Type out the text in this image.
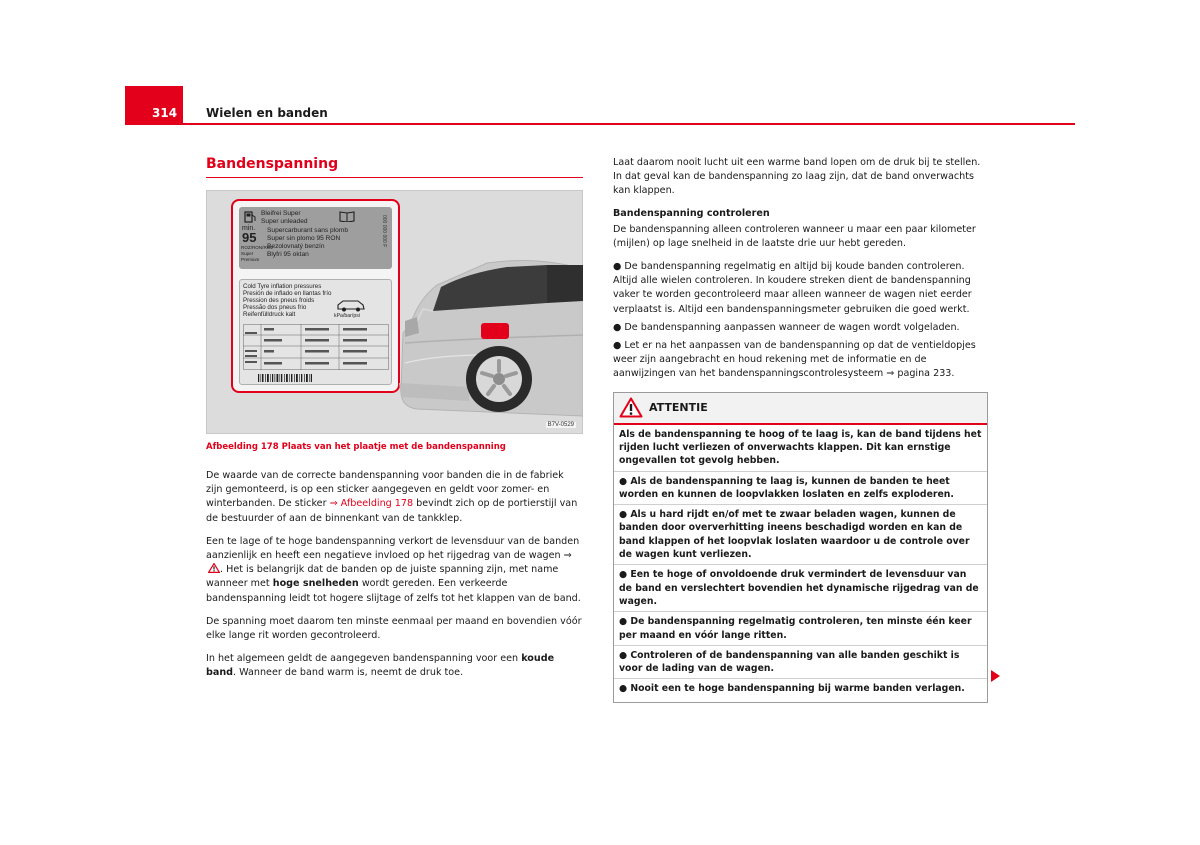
314 Wielen en banden
Bandenspanning
Bleifrei Super
Super unleaded
min.
95
ROZ/RON/RO2
Super
Premium
Supercarburant sans plomb
Super sin plomo 95 RON
Bezolovnatý benzín
Blyfri 95 oktan
000 000 000 F
Cold Tyre inflation pressures
Presión de inflado en llantas frío
Pression des pneus froids
Pressão dos pneus frio
Reifenfülldruck kalt	kPa/bar/psi
B7V-0529
Afbeelding 178 Plaats van het plaatje met de bandenspanning

De waarde van de correcte bandenspanning voor banden die in de fabriek zijn gemonteerd, is op een sticker aangegeven en geldt voor zomer- en winterbanden. De sticker ⇒ Afbeelding 178 bevindt zich op de portierstijl van de bestuurder of aan de binnenkant van de tankklep.

Een te lage of te hoge bandenspanning verkort de levensduur van de banden aanzienlijk en heeft een negatieve invloed op het rijgedrag van de wagen ⇒. Het is belangrijk dat de banden op de juiste spanning zijn, met name wanneer met hoge snelheden wordt gereden. Een verkeerde bandenspanning leidt tot hogere slijtage of zelfs tot het klappen van de band.

De spanning moet daarom ten minste eenmaal per maand en bovendien vóór elke lange rit worden gecontroleerd.

In het algemeen geldt de aangegeven bandenspanning voor een koude band. Wanneer de band warm is, neemt de druk toe.

Laat daarom nooit lucht uit een warme band lopen om de druk bij te stellen. In dat geval kan de bandenspanning zo laag zijn, dat de band onverwachts kan klappen.

Bandenspanning controleren

De bandenspanning alleen controleren wanneer u maar een paar kilometer (mijlen) op lage snelheid in de laatste drie uur hebt gereden.

● De bandenspanning regelmatig en altijd bij koude banden controleren. Altijd alle wielen controleren. In koudere streken dient de bandenspanning vaker te worden gecontroleerd maar alleen wanneer de wagen niet eerder verplaatst is. Altijd een bandenspanningsmeter gebruiken die goed werkt.

● De bandenspanning aanpassen wanneer de wagen wordt volgeladen.

● Let er na het aanpassen van de bandenspanning op dat de ventieldopjes weer zijn aangebracht en houd rekening met de informatie en de aanwijzingen van het bandenspanningscontrolesysteem ⇒ pagina 233.

ATTENTIE

Als de bandenspanning te hoog of te laag is, kan de band tijdens het rijden lucht verliezen of onverwachts klappen. Dit kan ernstige ongevallen tot gevolg hebben.

● Als de bandenspanning te laag is, kunnen de banden te heet worden en kunnen de loopvlakken loslaten en zelfs exploderen.

● Als u hard rijdt en/of met te zwaar beladen wagen, kunnen de banden door oververhitting ineens beschadigd worden en kan de band klappen of het loopvlak loslaten waardoor u de controle over de wagen kunt verliezen.

● Een te hoge of onvoldoende druk vermindert de levensduur van de band en verslechtert bovendien het dynamische rijgedrag van de wagen.

● De bandenspanning regelmatig controleren, ten minste één keer per maand en vóór lange ritten.

● Controleren of de bandenspanning van alle banden geschikt is voor de lading van de wagen.

● Nooit een te hoge bandenspanning bij warme banden verlagen.
